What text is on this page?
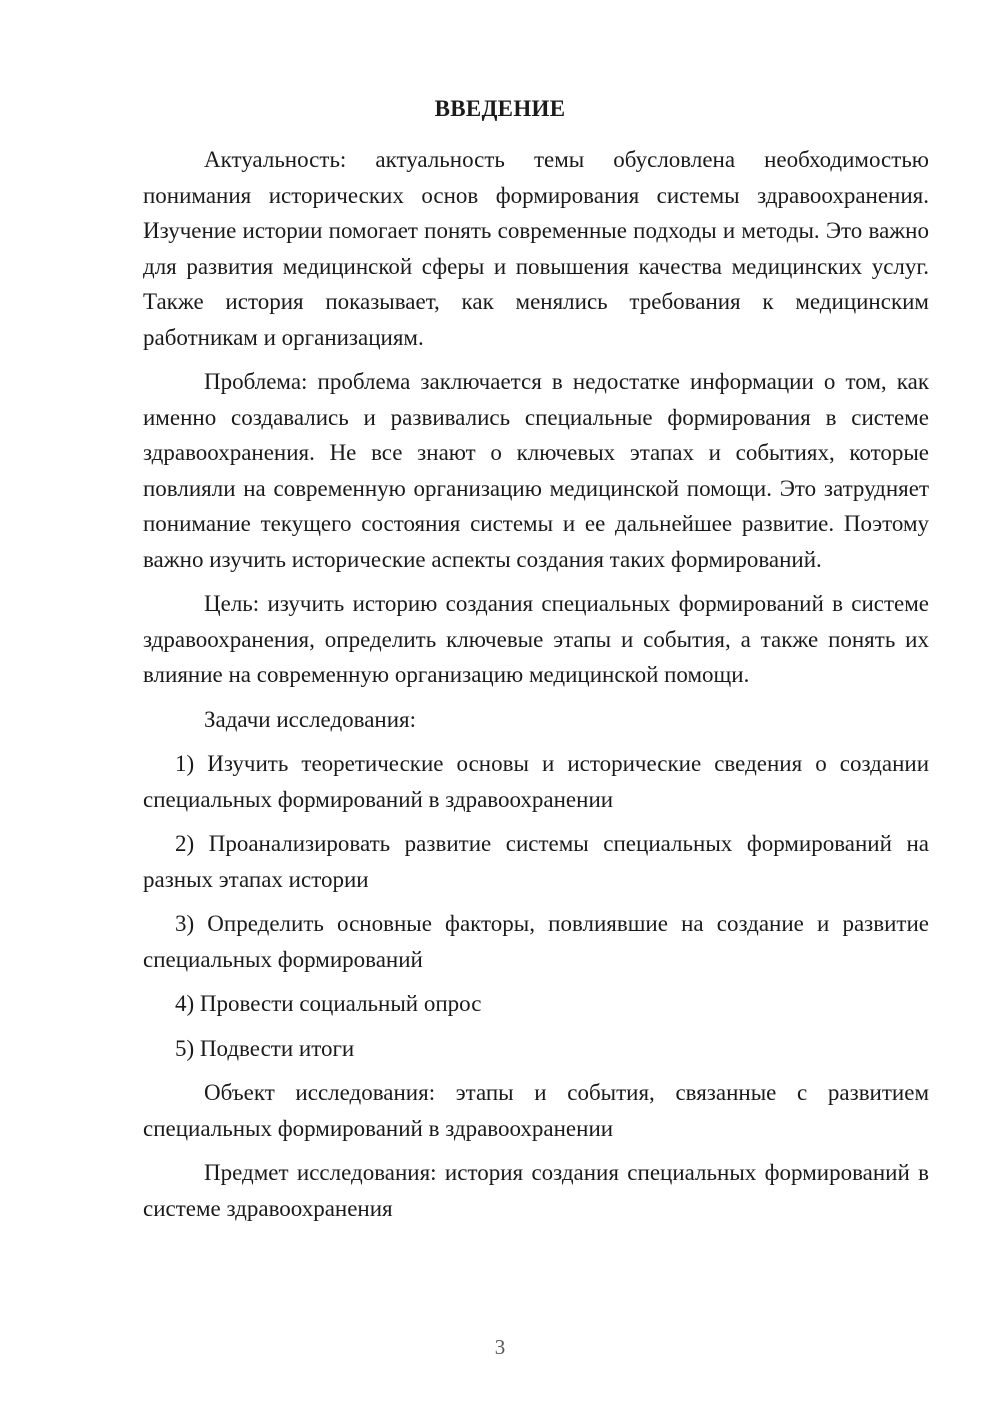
ВВЕДЕНИЕ

Актуальность: актуальность темы обусловлена необходимостью понимания исторических основ формирования системы здравоохранения. Изучение истории помогает понять современные подходы и методы. Это важно для развития медицинской сферы и повышения качества медицинских услуг. Также история показывает, как менялись требования к медицинским работникам и организациям.

Проблема: проблема заключается в недостатке информации о том, как именно создавались и развивались специальные формирования в системе здравоохранения. Не все знают о ключевых этапах и событиях, которые повлияли на современную организацию медицинской помощи. Это затрудняет понимание текущего состояния системы и ее дальнейшее развитие. Поэтому важно изучить исторические аспекты создания таких формирований.

Цель: изучить историю создания специальных формирований в системе здравоохранения, определить ключевые этапы и события, а также понять их влияние на современную организацию медицинской помощи.

Задачи исследования:

1) Изучить теоретические основы и исторические сведения о создании специальных формирований в здравоохранении

2) Проанализировать развитие системы специальных формирований на разных этапах истории

3) Определить основные факторы, повлиявшие на создание и развитие специальных формирований

4) Провести социальный опрос

5) Подвести итоги

Объект исследования: этапы и события, связанные с развитием специальных формирований в здравоохранении

Предмет исследования: история создания специальных формирований в системе здравоохранения

3
